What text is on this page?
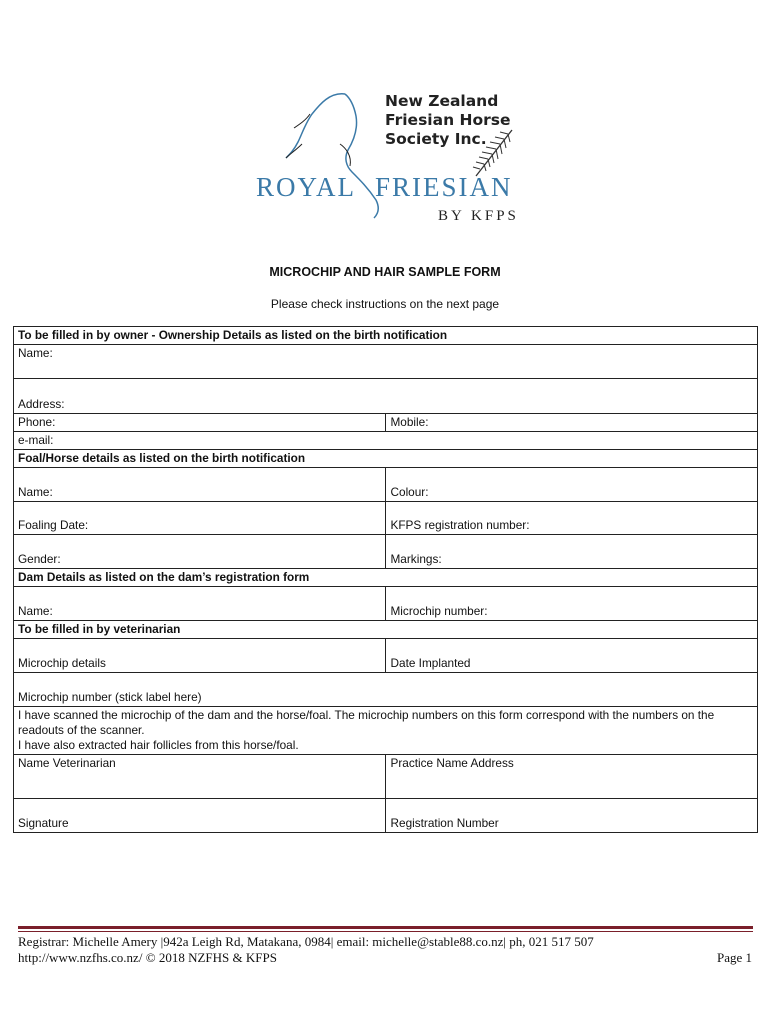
New Zealand
Friesian Horse
Society Inc.
ROYAL FRIESIAN
BY KFPS
MICROCHIP AND HAIR SAMPLE FORM
Please check instructions on the next page
To be filled in by owner - Ownership Details as listed on the birth notification	
Name:	
Address:	
Phone:	Mobile:
e-mail:	
Foal/Horse details as listed on the birth notification	
Name:	Colour:
Foaling Date:	KFPS registration number:
Gender:	Markings:
Dam Details as listed on the dam’s registration form	
Name:	Microchip number:
To be filled in by veterinarian	
Microchip details	Date Implanted
Microchip number (stick label here)	

I have scanned the microchip of the dam and the horse/foal. The microchip numbers on this form correspond with the numbers on the readouts of the scanner.
I have also extracted hair follicles from this horse/foal.	

Name Veterinarian	Practice Name Address
Signature	Registration Number
Registrar: Michelle Amery |942a Leigh Rd, Matakana, 0984| email: michelle@stable88.co.nz| ph, 021 517 507
http://www.nzfhs.co.nz/ © 2018 NZFHS & KFPS	Page 1
